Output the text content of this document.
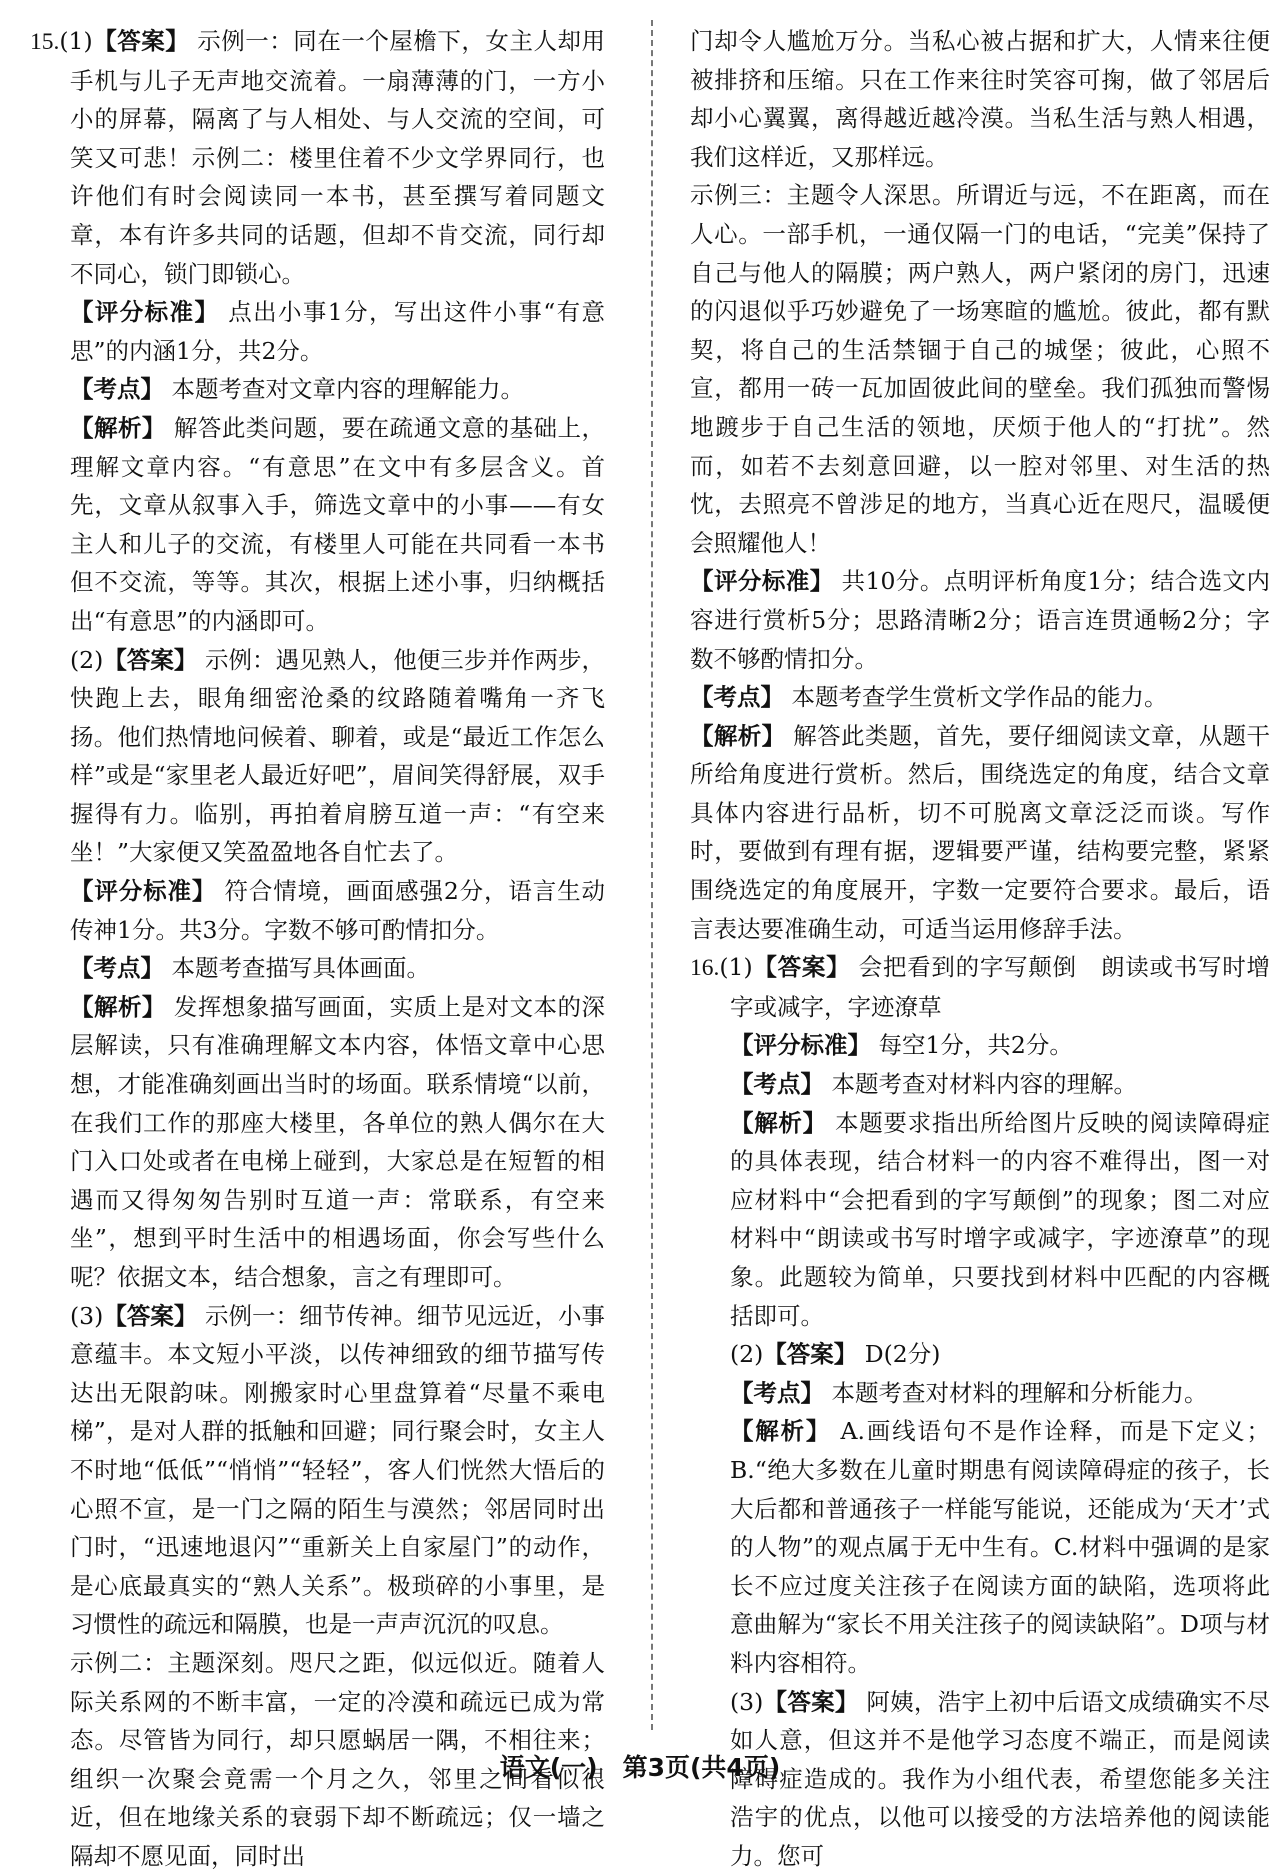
15.(1)【答案】 示例一：同在一个屋檐下，女主人却用手机与儿子无声地交流着。一扇薄薄的门，一方小小的屏幕，隔离了与人相处、与人交流的空间，可笑又可悲！示例二：楼里住着不少文学界同行，也许他们有时会阅读同一本书，甚至撰写着同题文章，本有许多共同的话题，但却不肯交流，同行却不同心，锁门即锁心。

【评分标准】 点出小事1分，写出这件小事“有意思”的内涵1分，共2分。

【考点】 本题考查对文章内容的理解能力。

【解析】 解答此类问题，要在疏通文意的基础上，理解文章内容。“有意思”在文中有多层含义。首先，文章从叙事入手，筛选文章中的小事——有女主人和儿子的交流，有楼里人可能在共同看一本书但不交流，等等。其次，根据上述小事，归纳概括出“有意思”的内涵即可。

(2)【答案】 示例：遇见熟人，他便三步并作两步，快跑上去，眼角细密沧桑的纹路随着嘴角一齐飞扬。他们热情地问候着、聊着，或是“最近工作怎么样”或是“家里老人最近好吧”，眉间笑得舒展，双手握得有力。临别，再拍着肩膀互道一声：“有空来坐！”大家便又笑盈盈地各自忙去了。

【评分标准】 符合情境，画面感强2分，语言生动传神1分。共3分。字数不够可酌情扣分。

【考点】 本题考查描写具体画面。

【解析】 发挥想象描写画面，实质上是对文本的深层解读，只有准确理解文本内容，体悟文章中心思想，才能准确刻画出当时的场面。联系情境“以前，在我们工作的那座大楼里，各单位的熟人偶尔在大门入口处或者在电梯上碰到，大家总是在短暂的相遇而又得匆匆告别时互道一声：常联系，有空来坐”，想到平时生活中的相遇场面，你会写些什么呢？依据文本，结合想象，言之有理即可。

(3)【答案】 示例一：细节传神。细节见远近，小事意蕴丰。本文短小平淡，以传神细致的细节描写传达出无限韵味。刚搬家时心里盘算着“尽量不乘电梯”，是对人群的抵触和回避；同行聚会时，女主人不时地“低低”“悄悄”“轻轻”，客人们恍然大悟后的心照不宣，是一门之隔的陌生与漠然；邻居同时出门时，“迅速地退闪”“重新关上自家屋门”的动作，是心底最真实的“熟人关系”。极琐碎的小事里，是习惯性的疏远和隔膜，也是一声声沉沉的叹息。

示例二：主题深刻。咫尺之距，似远似近。随着人际关系网的不断丰富，一定的冷漠和疏远已成为常态。尽管皆为同行，却只愿蜗居一隅，不相往来；组织一次聚会竟需一个月之久，邻里之间看似很近，但在地缘关系的衰弱下却不断疏远；仅一墙之隔却不愿见面，同时出

门却令人尴尬万分。当私心被占据和扩大，人情来往便被排挤和压缩。只在工作来往时笑容可掬，做了邻居后却小心翼翼，离得越近越冷漠。当私生活与熟人相遇，我们这样近，又那样远。

示例三：主题令人深思。所谓近与远，不在距离，而在人心。一部手机，一通仅隔一门的电话，“完美”保持了自己与他人的隔膜；两户熟人，两户紧闭的房门，迅速的闪退似乎巧妙避免了一场寒暄的尴尬。彼此，都有默契，将自己的生活禁锢于自己的城堡；彼此，心照不宣，都用一砖一瓦加固彼此间的壁垒。我们孤独而警惕地踱步于自己生活的领地，厌烦于他人的“打扰”。然而，如若不去刻意回避，以一腔对邻里、对生活的热忱，去照亮不曾涉足的地方，当真心近在咫尺，温暖便会照耀他人！

【评分标准】 共10分。点明评析角度1分；结合选文内容进行赏析5分；思路清晰2分；语言连贯通畅2分；字数不够酌情扣分。

【考点】 本题考查学生赏析文学作品的能力。

【解析】 解答此类题，首先，要仔细阅读文章，从题干所给角度进行赏析。然后，围绕选定的角度，结合文章具体内容进行品析，切不可脱离文章泛泛而谈。写作时，要做到有理有据，逻辑要严谨，结构要完整，紧紧围绕选定的角度展开，字数一定要符合要求。最后，语言表达要准确生动，可适当运用修辞手法。

16.(1)【答案】 会把看到的字写颠倒　朗读或书写时增字或减字，字迹潦草

【评分标准】 每空1分，共2分。

【考点】 本题考查对材料内容的理解。

【解析】 本题要求指出所给图片反映的阅读障碍症的具体表现，结合材料一的内容不难得出，图一对应材料中“会把看到的字写颠倒”的现象；图二对应材料中“朗读或书写时增字或减字，字迹潦草”的现象。此题较为简单，只要找到材料中匹配的内容概括即可。

(2)【答案】 D(2分)

【考点】 本题考查对材料的理解和分析能力。

【解析】 A.画线语句不是作诠释，而是下定义；B.“绝大多数在儿童时期患有阅读障碍症的孩子，长大后都和普通孩子一样能写能说，还能成为‘天才’式的人物”的观点属于无中生有。C.材料中强调的是家长不应过度关注孩子在阅读方面的缺陷，选项将此意曲解为“家长不用关注孩子的阅读缺陷”。D项与材料内容相符。

(3)【答案】 阿姨，浩宇上初中后语文成绩确实不尽如人意，但这并不是他学习态度不端正，而是阅读障碍症造成的。我作为小组代表，希望您能多关注浩宇的优点，以他可以接受的方法培养他的阅读能力。您可

语文(一)　第3页(共4页)
